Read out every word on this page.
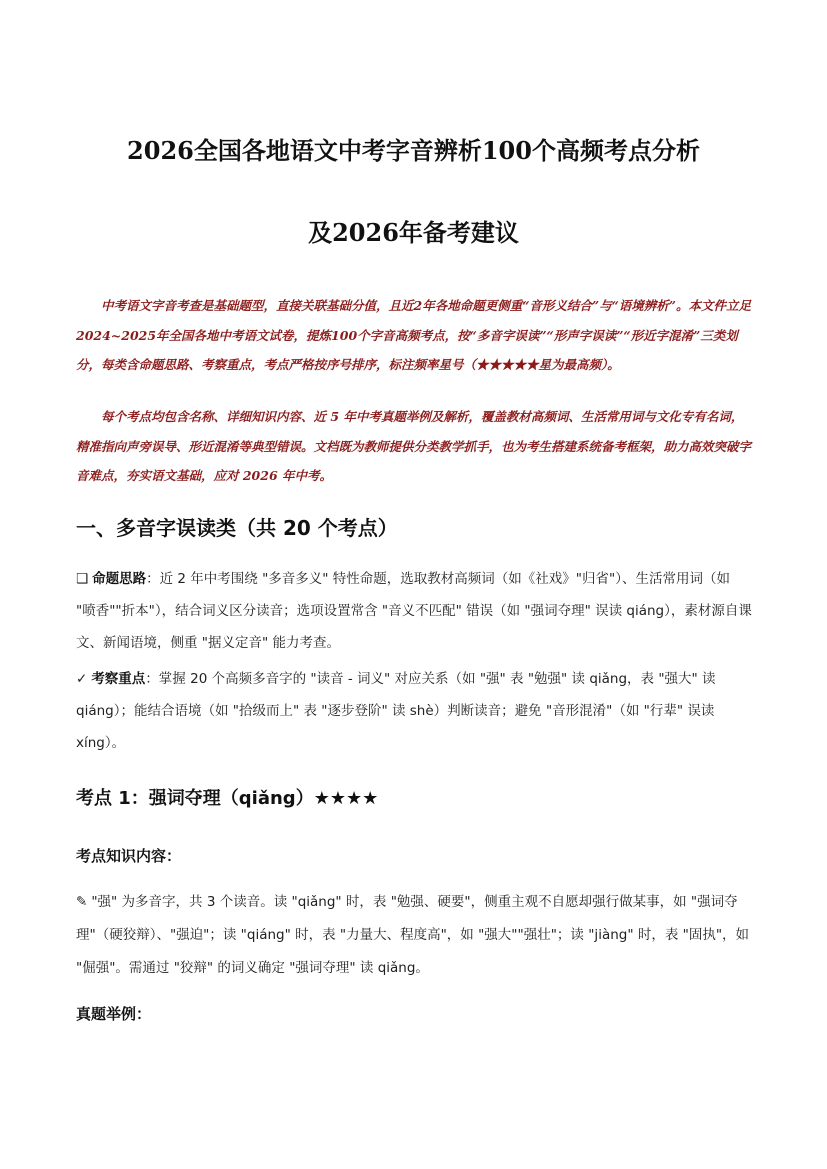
2026全国各地语文中考字音辨析100个高频考点分析
及2026年备考建议

中考语文字音考查是基础题型，直接关联基础分值，且近2年各地命题更侧重“音形义结合”与“语境辨析”。本文件立足2024~2025年全国各地中考语文试卷，提炼100个字音高频考点，按“多音字误读”“形声字误读”“形近字混淆”三类划分，每类含命题思路、考察重点，考点严格按序号排序，标注频率星号（★★★★★星为最高频）。

每个考点均包含名称、详细知识内容、近 5 年中考真题举例及解析，覆盖教材高频词、生活常用词与文化专有名词，精准指向声旁误导、形近混淆等典型错误。文档既为教师提供分类教学抓手，也为考生搭建系统备考框架，助力高效突破字音难点，夯实语文基础，应对 2026 年中考。

一、多音字误读类（共 20 个考点）

❑ 命题思路：近 2 年中考围绕 "多音多义" 特性命题，选取教材高频词（如《社戏》"归省"）、生活常用词（如 "喷香""折本"），结合词义区分读音；选项设置常含 "音义不匹配" 错误（如 "强词夺理" 误读 qiáng），素材源自课文、新闻语境，侧重 "据义定音" 能力考查。

✓ 考察重点：掌握 20 个高频多音字的 "读音 - 词义" 对应关系（如 "强" 表 "勉强" 读 qiǎng，表 "强大" 读 qiáng）；能结合语境（如 "拾级而上" 表 "逐步登阶" 读 shè）判断读音；避免 "音形混淆"（如 "行辈" 误读 xíng）。

考点 1：强词夺理（qiǎng）★★★★
考点知识内容：

✎ "强" 为多音字，共 3 个读音。读 "qiǎng" 时，表 "勉强、硬要"，侧重主观不自愿却强行做某事，如 "强词夺理"（硬狡辩）、"强迫"；读 "qiáng" 时，表 "力量大、程度高"，如 "强大""强壮"；读 "jiàng" 时，表 "固执"，如 "倔强"。需通过 "狡辩" 的词义确定 "强词夺理" 读 qiǎng。

真题举例：
